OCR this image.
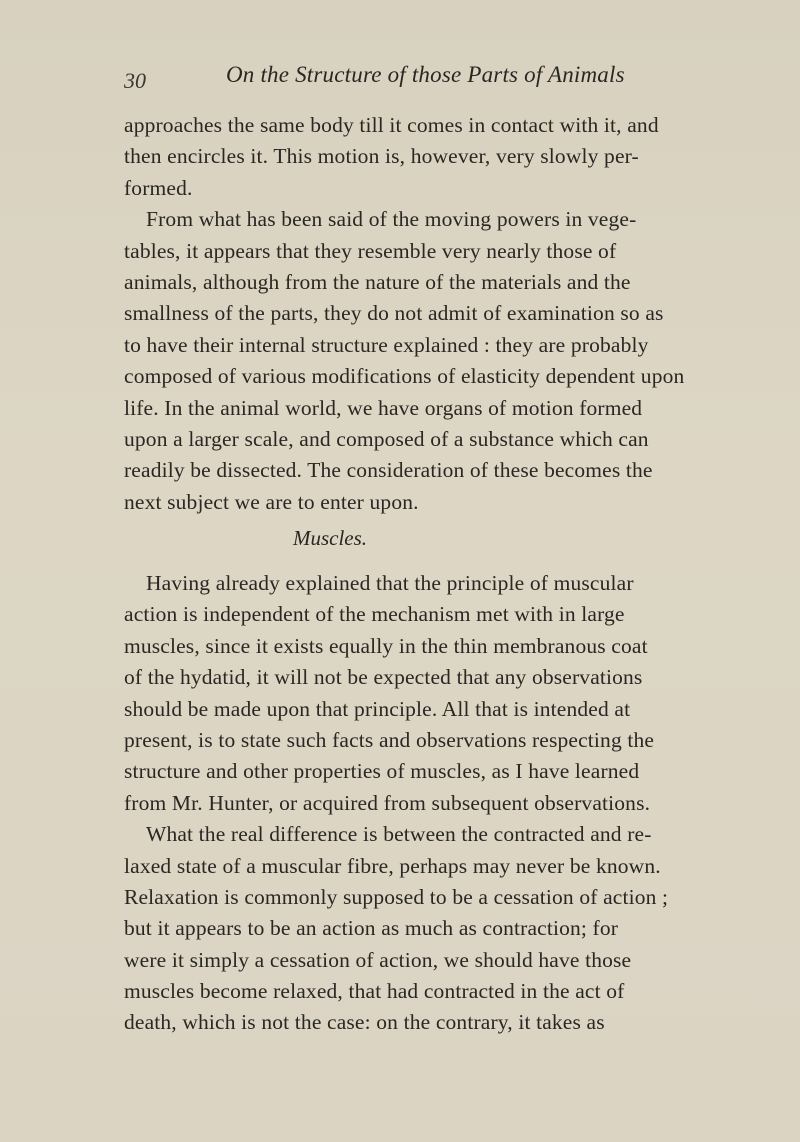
30	On the Structure of those Parts of Animals
approaches the same body till it comes in contact with it, and
then encircles it. This motion is, however, very slowly per-
formed.
From what has been said of the moving powers in vege-
tables, it appears that they resemble very nearly those of
animals, although from the nature of the materials and the
smallness of the parts, they do not admit of examination so as
to have their internal structure explained : they are probably
composed of various modifications of elasticity dependent upon
life. In the animal world, we have organs of motion formed
upon a larger scale, and composed of a substance which can
readily be dissected. The consideration of these becomes the
next subject we are to enter upon.
Muscles.
Having already explained that the principle of muscular
action is independent of the mechanism met with in large
muscles, since it exists equally in the thin membranous coat
of the hydatid, it will not be expected that any observations
should be made upon that principle. All that is intended at
present, is to state such facts and observations respecting the
structure and other properties of muscles, as I have learned
from Mr. Hunter, or acquired from subsequent observations.
What the real difference is between the contracted and re-
laxed state of a muscular fibre, perhaps may never be known.
Relaxation is commonly supposed to be a cessation of action ;
but it appears to be an action as much as contraction; for
were it simply a cessation of action, we should have those
muscles become relaxed, that had contracted in the act of
death, which is not the case: on the contrary, it takes as
